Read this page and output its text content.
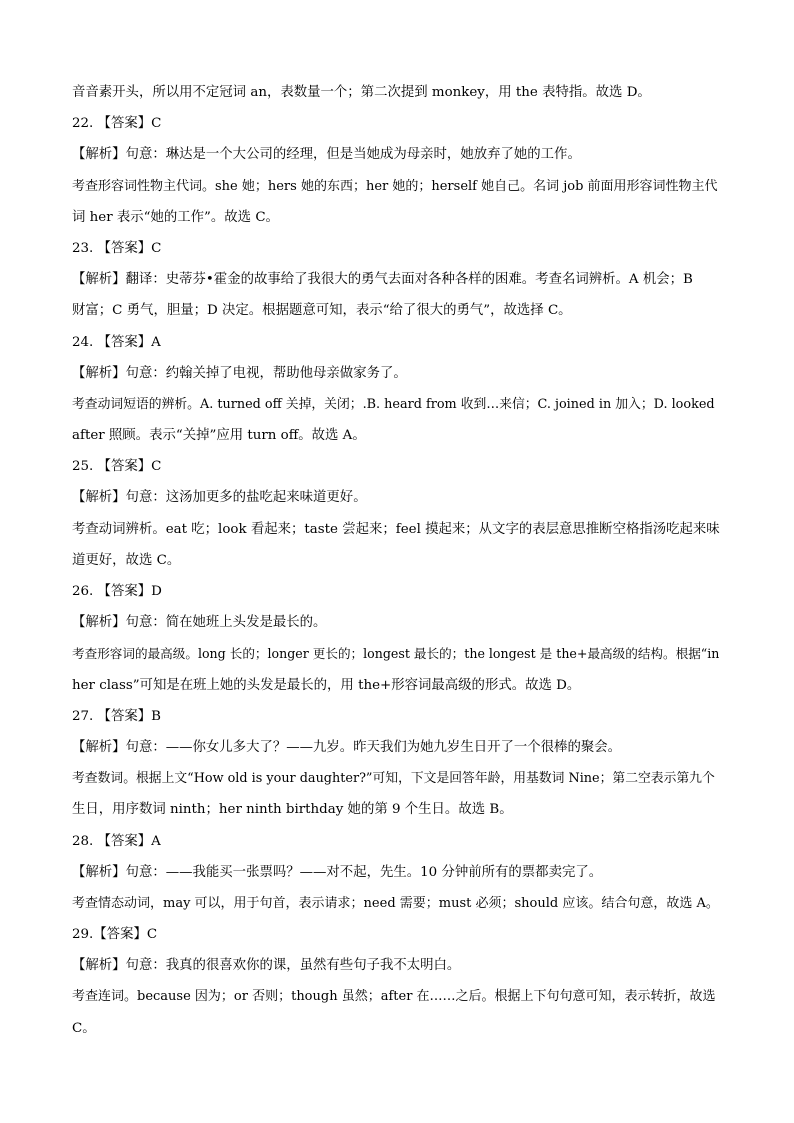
音音素开头，所以用不定冠词 an，表数量一个；第二次提到 monkey，用 the 表特指。故选 D。
22. 【答案】C
【解析】句意：琳达是一个大公司的经理，但是当她成为母亲时，她放弃了她的工作。
考查形容词性物主代词。she 她；hers 她的东西；her 她的；herself 她自己。名词 job 前面用形容词性物主代
词 her 表示“她的工作”。故选 C。
23. 【答案】C
【解析】翻译：史蒂芬•霍金的故事给了我很大的勇气去面对各种各样的困难。考查名词辨析。A 机会；B
财富；C 勇气，胆量；D 决定。根据题意可知，表示“给了很大的勇气”，故选择 C。
24. 【答案】A
【解析】句意：约翰关掉了电视，帮助他母亲做家务了。
考查动词短语的辨析。A. turned off 关掉，关闭；.B. heard from 收到…来信；C. joined in 加入；D. looked
after 照顾。表示“关掉”应用 turn off。故选 A。
25. 【答案】C
【解析】句意：这汤加更多的盐吃起来味道更好。
考查动词辨析。eat 吃；look 看起来；taste 尝起来；feel 摸起来；从文字的表层意思推断空格指汤吃起来味
道更好，故选 C。
26. 【答案】D
【解析】句意：简在她班上头发是最长的。
考查形容词的最高级。long 长的；longer 更长的；longest 最长的；the longest 是 the+最高级的结构。根据“in
her class”可知是在班上她的头发是最长的，用 the+形容词最高级的形式。故选 D。
27. 【答案】B
【解析】句意：——你女儿多大了？——九岁。昨天我们为她九岁生日开了一个很棒的聚会。
考查数词。根据上文“How old is your daughter?”可知，下文是回答年龄，用基数词 Nine；第二空表示第九个
生日，用序数词 ninth；her ninth birthday 她的第 9 个生日。故选 B。
28. 【答案】A
【解析】句意：——我能买一张票吗？——对不起，先生。10 分钟前所有的票都卖完了。
考查情态动词，may 可以，用于句首，表示请求；need 需要；must 必须；should 应该。结合句意，故选 A。
29.【答案】C
【解析】句意：我真的很喜欢你的课，虽然有些句子我不太明白。
考查连词。because 因为；or 否则；though 虽然；after 在……之后。根据上下句句意可知，表示转折，故选
C。
